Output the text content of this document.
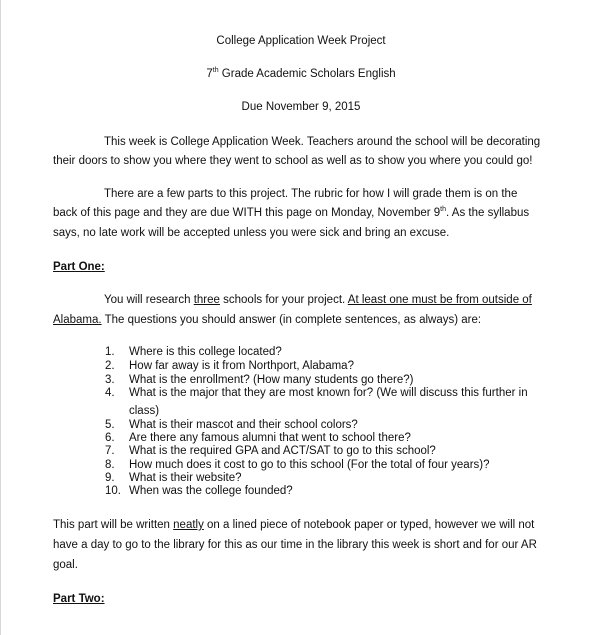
College Application Week Project
7th Grade Academic Scholars English
Due November 9, 2015
This week is College Application Week. Teachers around the school will be decorating
their doors to show you where they went to school as well as to show you where you could go!
There are a few parts to this project. The rubric for how I will grade them is on the
back of this page and they are due WITH this page on Monday, November 9th. As the syllabus
says, no late work will be accepted unless you were sick and bring an excuse.
Part One:
You will research three schools for your project. At least one must be from outside of
Alabama. The questions you should answer (in complete sentences, as always) are:
1. Where is this college located?
2. How far away is it from Northport, Alabama?
3. What is the enrollment? (How many students go there?)
4. What is the major that they are most known for? (We will discuss this further in
class)
5. What is their mascot and their school colors?
6. Are there any famous alumni that went to school there?
7. What is the required GPA and ACT/SAT to go to this school?
8. How much does it cost to go to this school (For the total of four years)?
9. What is their website?
10. When was the college founded?
This part will be written neatly on a lined piece of notebook paper or typed, however we will not
have a day to go to the library for this as our time in the library this week is short and for our AR
goal.
Part Two:
